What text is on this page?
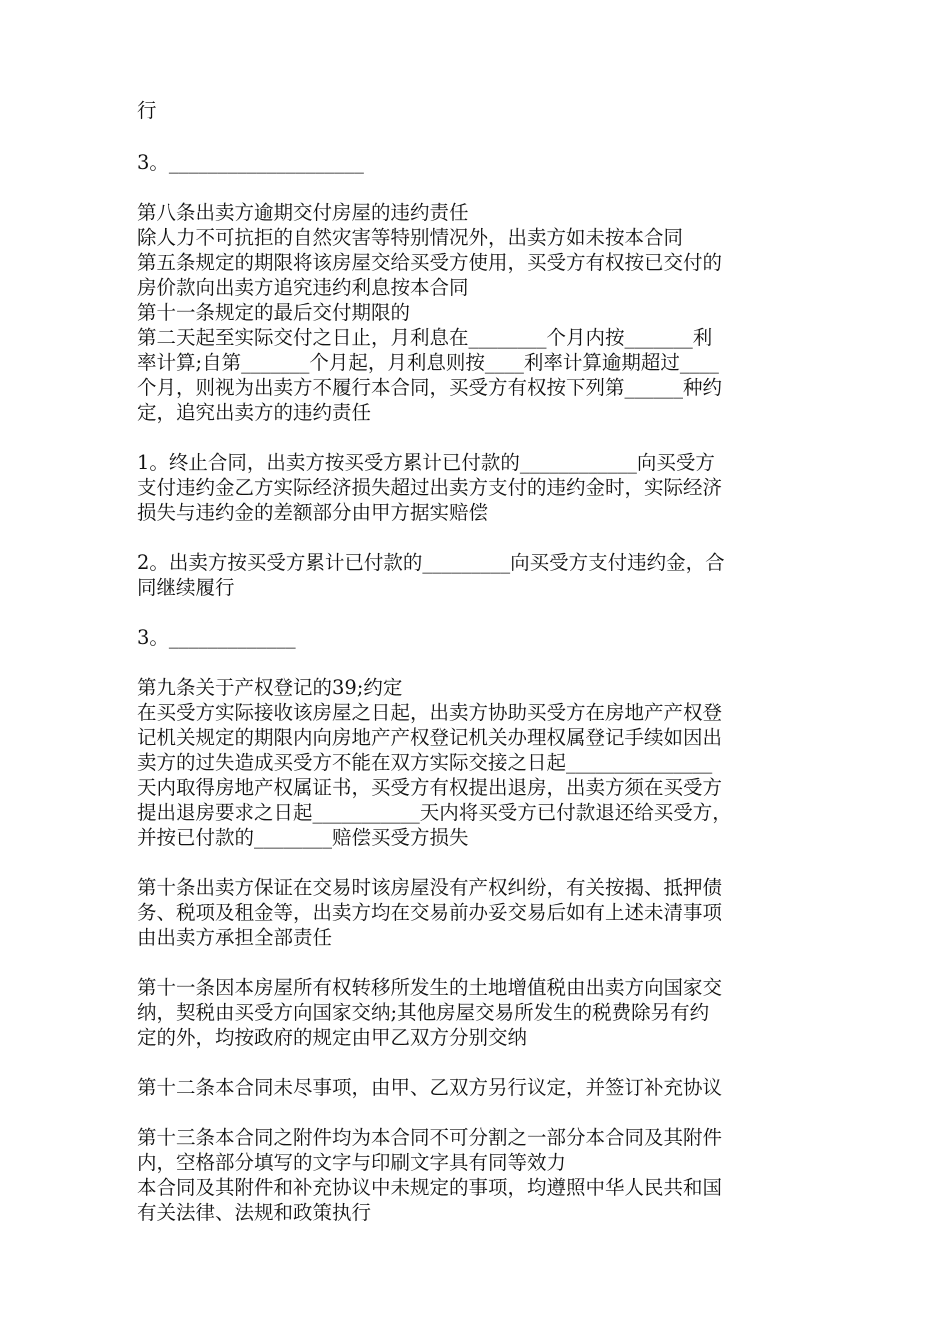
行
3。____________________
第八条出卖方逾期交付房屋的违约责任
除人力不可抗拒的自然灾害等特别情况外，出卖方如未按本合同
第五条规定的期限将该房屋交给买受方使用，买受方有权按已交付的
房价款向出卖方追究违约利息按本合同
第十一条规定的最后交付期限的
第二天起至实际交付之日止，月利息在________个月内按_______利
率计算;自第_______个月起，月利息则按____利率计算逾期超过____
个月，则视为出卖方不履行本合同，买受方有权按下列第______种约
定，追究出卖方的违约责任
1。终止合同，出卖方按买受方累计已付款的____________向买受方
支付违约金乙方实际经济损失超过出卖方支付的违约金时，实际经济
损失与违约金的差额部分由甲方据实赔偿
2。出卖方按买受方累计已付款的_________向买受方支付违约金，合
同继续履行
3。_____________
第九条关于产权登记的39;约定
在买受方实际接收该房屋之日起，出卖方协助买受方在房地产产权登
记机关规定的期限内向房地产产权登记机关办理权属登记手续如因出
卖方的过失造成买受方不能在双方实际交接之日起_______________
天内取得房地产权属证书，买受方有权提出退房，出卖方须在买受方
提出退房要求之日起___________天内将买受方已付款退还给买受方，
并按已付款的________赔偿买受方损失
第十条出卖方保证在交易时该房屋没有产权纠纷，有关按揭、抵押债
务、税项及租金等，出卖方均在交易前办妥交易后如有上述未清事项
由出卖方承担全部责任
第十一条因本房屋所有权转移所发生的土地增值税由出卖方向国家交
纳，契税由买受方向国家交纳;其他房屋交易所发生的税费除另有约
定的外，均按政府的规定由甲乙双方分别交纳
第十二条本合同未尽事项，由甲、乙双方另行议定，并签订补充协议
第十三条本合同之附件均为本合同不可分割之一部分本合同及其附件
内，空格部分填写的文字与印刷文字具有同等效力
本合同及其附件和补充协议中未规定的事项，均遵照中华人民共和国
有关法律、法规和政策执行
